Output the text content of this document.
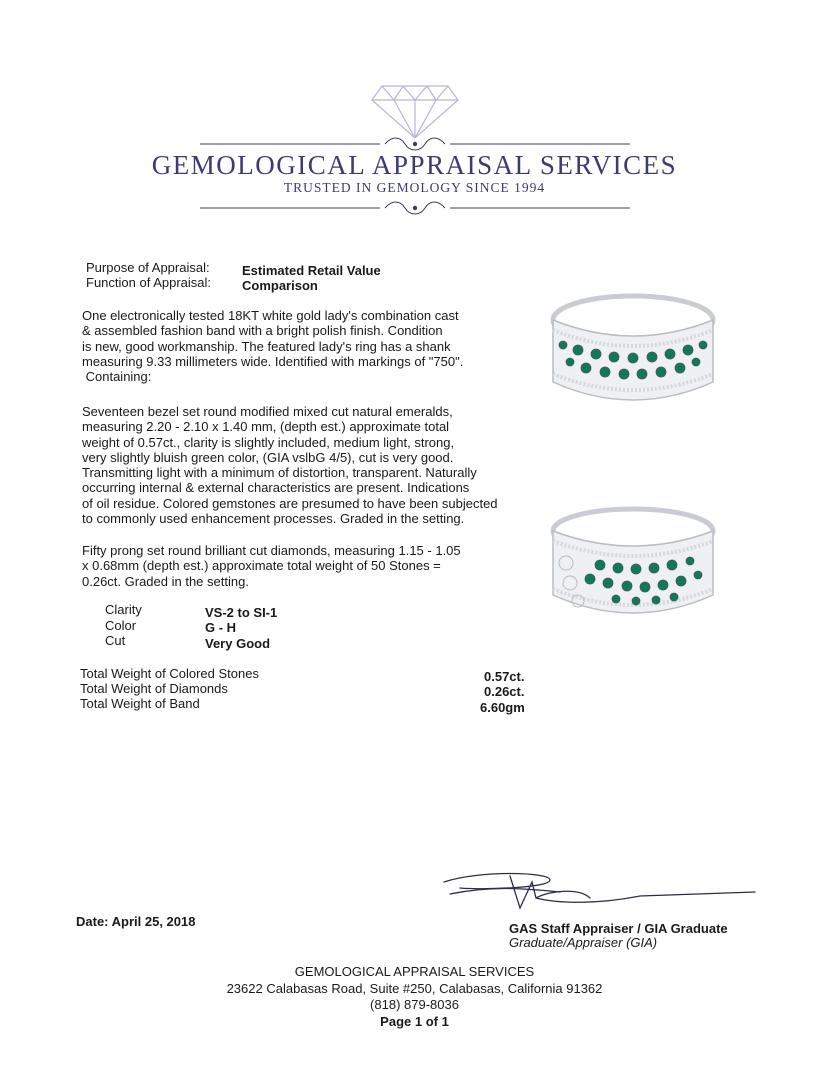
GEMOLOGICAL APPRAISAL SERVICES
TRUSTED IN GEMOLOGY SINCE 1994
Purpose of Appraisal: Estimated Retail Value
Function of Appraisal: Comparison
One electronically tested 18KT white gold lady's combination cast
& assembled fashion band with a bright polish finish. Condition
is new, good workmanship. The featured lady's ring has a shank
measuring 9.33 millimeters wide. Identified with markings of "750".
Containing:
Seventeen bezel set round modified mixed cut natural emeralds,
measuring 2.20 - 2.10 x 1.40 mm, (depth est.) approximate total
weight of 0.57ct., clarity is slightly included, medium light, strong,
very slightly bluish green color, (GIA vslbG 4/5), cut is very good.
Transmitting light with a minimum of distortion, transparent. Naturally
occurring internal & external characteristics are present. Indications
of oil residue. Colored gemstones are presumed to have been subjected
to commonly used enhancement processes. Graded in the setting.
Fifty prong set round brilliant cut diamonds, measuring 1.15 - 1.05
x 0.68mm (depth est.) approximate total weight of 50 Stones =
0.26ct. Graded in the setting.
Clarity	VS-2 to SI-1
Color	G - H
Cut	Very Good
Total Weight of Colored Stones	0.57ct.
Total Weight of Diamonds	0.26ct.
Total Weight of Band	6.60gm
GAS Staff Appraiser / GIA Graduate
Graduate/Appraiser (GIA)
Date: April 25, 2018
GEMOLOGICAL APPRAISAL SERVICES
23622 Calabasas Road, Suite #250, Calabasas, California 91362
(818) 879-8036
Page 1 of 1
